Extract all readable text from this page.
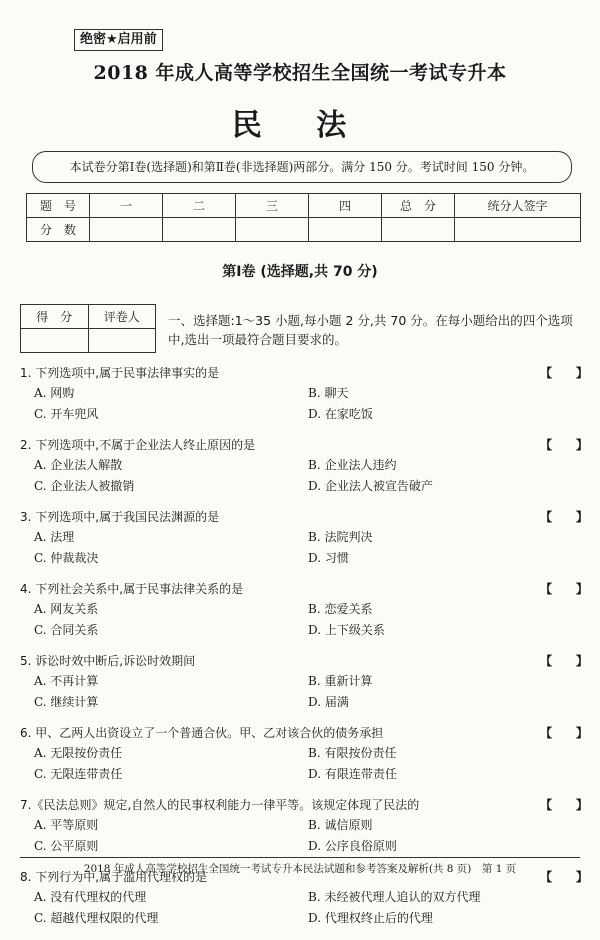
绝密★启用前
2018 年成人高等学校招生全国统一考试专升本
民 法
本试卷分第Ⅰ卷(选择题)和第Ⅱ卷(非选择题)两部分。满分 150 分。考试时间 150 分钟。
题　号	一	二	三	四	总　分	统分人签字
分　数						
第Ⅰ卷 (选择题,共 70 分)
得　分	评卷人
	一、选择题:1～35 小题,每小题 2 分,共 70 分。在每小题给出的四个选项中,选出一项最符合题目要求的。
1. 下列选项中,属于民事法律事实的是	【　　】
A. 网购	B. 聊天
C. 开车兜风	D. 在家吃饭
2. 下列选项中,不属于企业法人终止原因的是	【　　】
A. 企业法人解散	B. 企业法人违约
C. 企业法人被撤销	D. 企业法人被宣告破产
3. 下列选项中,属于我国民法渊源的是	【　　】
A. 法理	B. 法院判决
C. 仲裁裁决	D. 习惯
4. 下列社会关系中,属于民事法律关系的是	【　　】
A. 网友关系	B. 恋爱关系
C. 合同关系	D. 上下级关系
5. 诉讼时效中断后,诉讼时效期间	【　　】
A. 不再计算	B. 重新计算
C. 继续计算	D. 届满
6. 甲、乙两人出资设立了一个普通合伙。甲、乙对该合伙的债务承担	【　　】
A. 无限按份责任	B. 有限按份责任
C. 无限连带责任	D. 有限连带责任
7.《民法总则》规定,自然人的民事权利能力一律平等。该规定体现了民法的	【　　】
A. 平等原则	B. 诚信原则
C. 公平原则	D. 公序良俗原则
8. 下列行为中,属于滥用代理权的是	【　　】
A. 没有代理权的代理	B. 未经被代理人追认的双方代理
C. 超越代理权限的代理	D. 代理权终止后的代理
2018 年成人高等学校招生全国统一考试专升本民法试题和参考答案及解析(共 8 页)　第 1 页
